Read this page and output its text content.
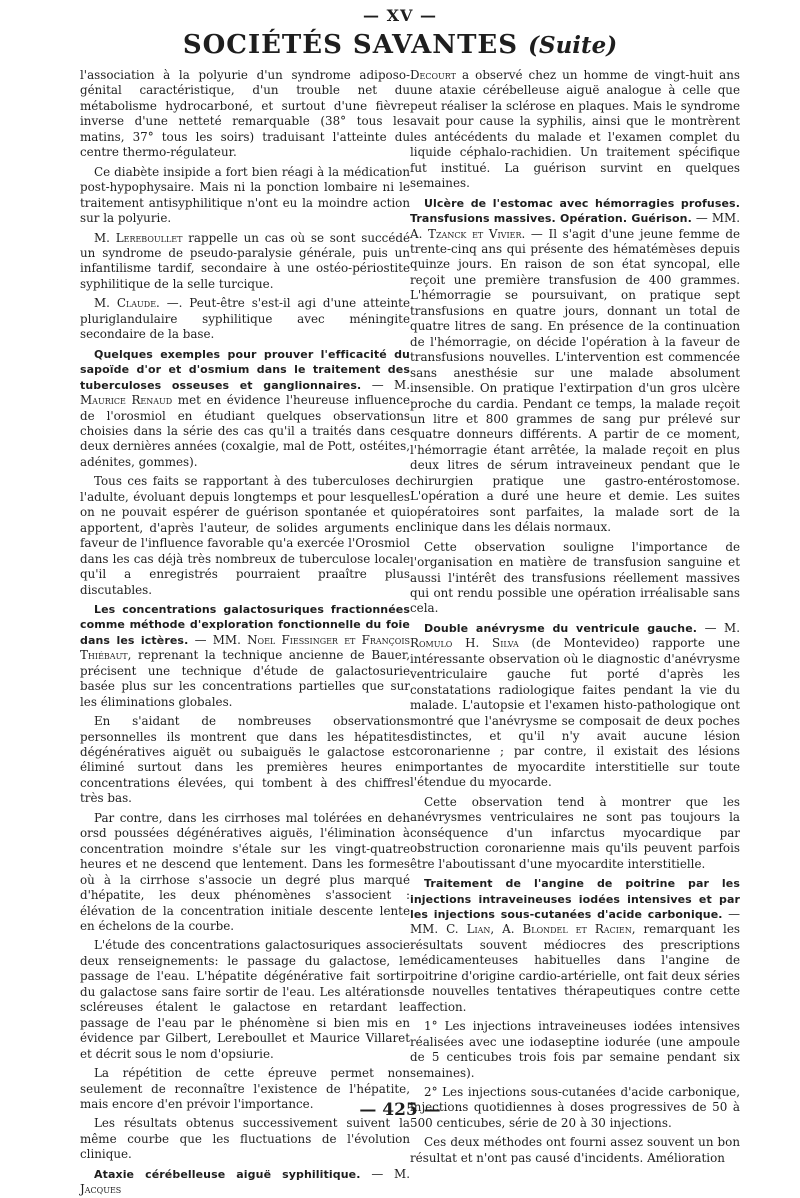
— XV —
SOCIÉTÉS SAVANTES (Suite)

l'association à la polyurie d'un syndrome adiposo-génital caractéristique, d'un trouble net du métabolisme hydrocarboné, et surtout d'une fièvre inverse d'une netteté remarquable (38° tous les matins, 37° tous les soirs) traduisant l'atteinte du centre thermo-régulateur.

Ce diabète insipide a fort bien réagi à la médication post-hypophysaire. Mais ni la ponction lombaire ni le traitement antisyphilitique n'ont eu la moindre action sur la polyurie.

M. Lereboullet rappelle un cas où se sont succédé un syndrome de pseudo-paralysie générale, puis un infantilisme tardif, secondaire à une ostéo-périostite syphilitique de la selle turcique.

M. Claude. —. Peut-être s'est-il agi d'une atteinte pluriglandulaire syphilitique avec méningite secondaire de la base.

Quelques exemples pour prouver l'efficacité du sapoïde d'or et d'osmium dans le traitement des tuberculoses osseuses et ganglionnaires. — M. Maurice Renaud met en évidence l'heureuse influence de l'orosmiol en étudiant quelques observations choisies dans la série des cas qu'il a traités dans ces deux dernières années (coxalgie, mal de Pott, ostéites, adénites, gommes).

Tous ces faits se rapportant à des tuberculoses de l'adulte, évoluant depuis longtemps et pour lesquelles on ne pouvait espérer de guérison spontanée et qui apportent, d'après l'auteur, de solides arguments en faveur de l'influence favorable qu'a exercée l'Orosmiol dans les cas déjà très nombreux de tuberculose locale qu'il a enregistrés pourraient praaître plus discutables.

Les concentrations galactosuriques fractionnées comme méthode d'exploration fonctionnelle du foie dans les ictères. — MM. Noel Fiessinger et François Thiébaut, reprenant la technique ancienne de Bauer, précisent une technique d'étude de galactosurie basée plus sur les concentrations partielles que sur les éliminations globales.

En s'aidant de nombreuses observations personnelles ils montrent que dans les hépatites dégénératives aiguët ou subaiguës le galactose est éliminé surtout dans les premières heures en concentrations élevées, qui tombent à des chiffres très bas.

Par contre, dans les cirrhoses mal tolérées en deh orsd poussées dégénératives aiguës, l'élimination à concentration moindre s'étale sur les vingt-quatre heures et ne descend que lentement. Dans les formes où à la cirrhose s'associe un degré plus marqué d'hépatite, les deux phénomènes s'associent : élévation de la concentration initiale descente lente en échelons de la courbe.

L'étude des concentrations galactosuriques associe deux renseignements: le passage du galactose, le passage de l'eau. L'hépatite dégénérative fait sortir du galactose sans faire sortir de l'eau. Les altérations scléreuses étalent le galactose en retardant le passage de l'eau par le phénomène si bien mis en évidence par Gilbert, Lereboullet et Maurice Villaret et décrit sous le nom d'opsiurie.

La répétition de cette épreuve permet non seulement de reconnaître l'existence de l'hépatite, mais encore d'en prévoir l'importance.

Les résultats obtenus successivement suivent la même courbe que les fluctuations de l'évolution clinique.

Ataxie cérébelleuse aiguë syphilitique. — M. Jacques

Decourt a observé chez un homme de vingt-huit ans une ataxie cérébelleuse aiguë analogue à celle que peut réaliser la sclérose en plaques. Mais le syndrome avait pour cause la syphilis, ainsi que le montrèrent les antécédents du malade et l'examen complet du liquide céphalo-rachidien. Un traitement spécifique fut institué. La guérison survint en quelques semaines.

Ulcère de l'estomac avec hémorragies profuses. Transfusions massives. Opération. Guérison. — MM. A. Tzanck et Vivier. — Il s'agit d'une jeune femme de trente-cinq ans qui présente des hématémèses depuis quinze jours. En raison de son état syncopal, elle reçoit une première transfusion de 400 grammes. L'hémorragie se poursuivant, on pratique sept transfusions en quatre jours, donnant un total de quatre litres de sang. En présence de la continuation de l'hémorragie, on décide l'opération à la faveur de transfusions nouvelles. L'intervention est commencée sans anesthésie sur une malade absolument insensible. On pratique l'extirpation d'un gros ulcère proche du cardia. Pendant ce temps, la malade reçoit un litre et 800 grammes de sang pur prélevé sur quatre donneurs différents. A partir de ce moment, l'hémorragie étant arrêtée, la malade reçoit en plus deux litres de sérum intraveineux pendant que le chirurgien pratique une gastro-entérostomose. L'opération a duré une heure et demie. Les suites opératoires sont parfaites, la malade sort de la clinique dans les délais normaux.

Cette observation souligne l'importance de l'organisation en matière de transfusion sanguine et aussi l'intérêt des transfusions réellement massives qui ont rendu possible une opération irréalisable sans cela.

Double anévrysme du ventricule gauche. — M. Romulo H. Silva (de Montevideo) rapporte une intéressante observation où le diagnostic d'anévrysme ventriculaire gauche fut porté d'après les constatations radiologique faites pendant la vie du malade. L'autopsie et l'examen histo-pathologique ont montré que l'anévrysme se composait de deux poches distinctes, et qu'il n'y avait aucune lésion coronarienne ; par contre, il existait des lésions importantes de myocardite interstitielle sur toute l'étendue du myocarde.

Cette observation tend à montrer que les anévrysmes ventriculaires ne sont pas toujours la conséquence d'un infarctus myocardique par obstruction coronarienne mais qu'ils peuvent parfois être l'aboutissant d'une myocardite interstitielle.

Traitement de l'angine de poitrine par les injections intraveineuses iodées intensives et par les injections sous-cutanées d'acide carbonique. — MM. C. Lian, A. Blondel et Racien, remarquant les résultats souvent médiocres des prescriptions médicamenteuses habituelles dans l'angine de poitrine d'origine cardio-artérielle, ont fait deux séries de nouvelles tentatives thérapeutiques contre cette affection.

1° Les injections intraveineuses iodées intensives réalisées avec une iodaseptine iodurée (une ampoule de 5 centicubes trois fois par semaine pendant six semaines).

2° Les injections sous-cutanées d'acide carbonique, injections quotidiennes à doses progressives de 50 à 500 centicubes, série de 20 à 30 injections.

Ces deux méthodes ont fourni assez souvent un bon résultat et n'ont pas causé d'incidents. Amélioration

— 425 —
